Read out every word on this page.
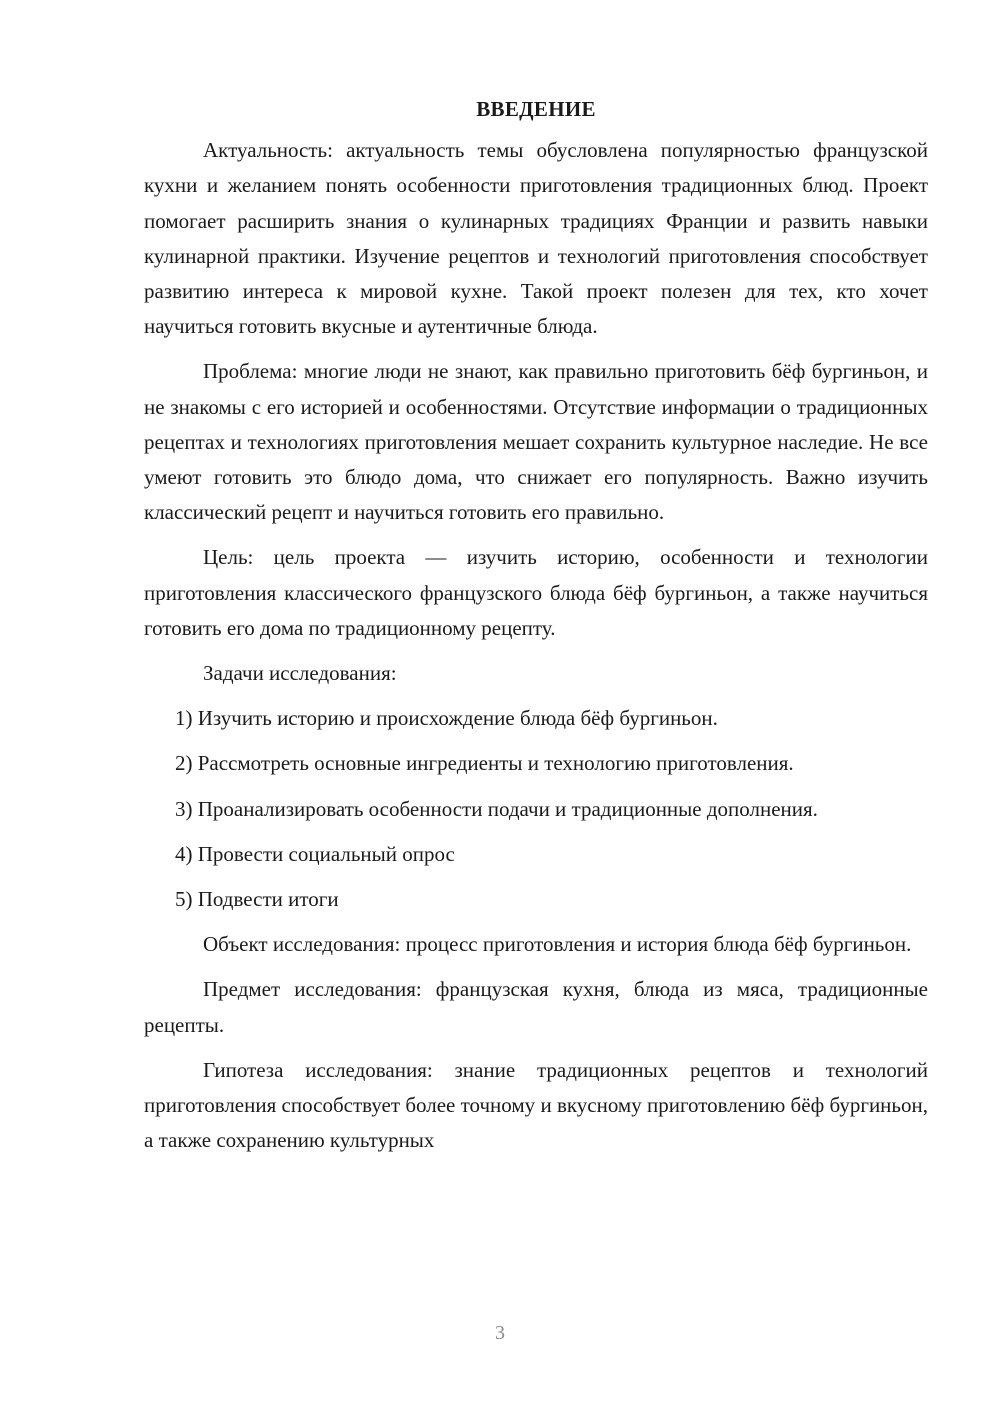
ВВЕДЕНИЕ

Актуальность: актуальность темы обусловлена популярностью французской кухни и желанием понять особенности приготовления традиционных блюд. Проект помогает расширить знания о кулинарных традициях Франции и развить навыки кулинарной практики. Изучение рецептов и технологий приготовления способствует развитию интереса к мировой кухне. Такой проект полезен для тех, кто хочет научиться готовить вкусные и аутентичные блюда.

Проблема: многие люди не знают, как правильно приготовить бёф бургиньон, и не знакомы с его историей и особенностями. Отсутствие информации о традиционных рецептах и технологиях приготовления мешает сохранить культурное наследие. Не все умеют готовить это блюдо дома, что снижает его популярность. Важно изучить классический рецепт и научиться готовить его правильно.

Цель: цель проекта — изучить историю, особенности и технологии приготовления классического французского блюда бёф бургиньон, а также научиться готовить его дома по традиционному рецепту.

Задачи исследования:

1) Изучить историю и происхождение блюда бёф бургиньон.

2) Рассмотреть основные ингредиенты и технологию приготовления.

3) Проанализировать особенности подачи и традиционные дополнения.

4) Провести социальный опрос

5) Подвести итоги

Объект исследования: процесс приготовления и история блюда бёф бургиньон.

Предмет исследования: французская кухня, блюда из мяса, традиционные рецепты.

Гипотеза исследования: знание традиционных рецептов и технологий приготовления способствует более точному и вкусному приготовлению бёф бургиньон, а также сохранению культурных

3
